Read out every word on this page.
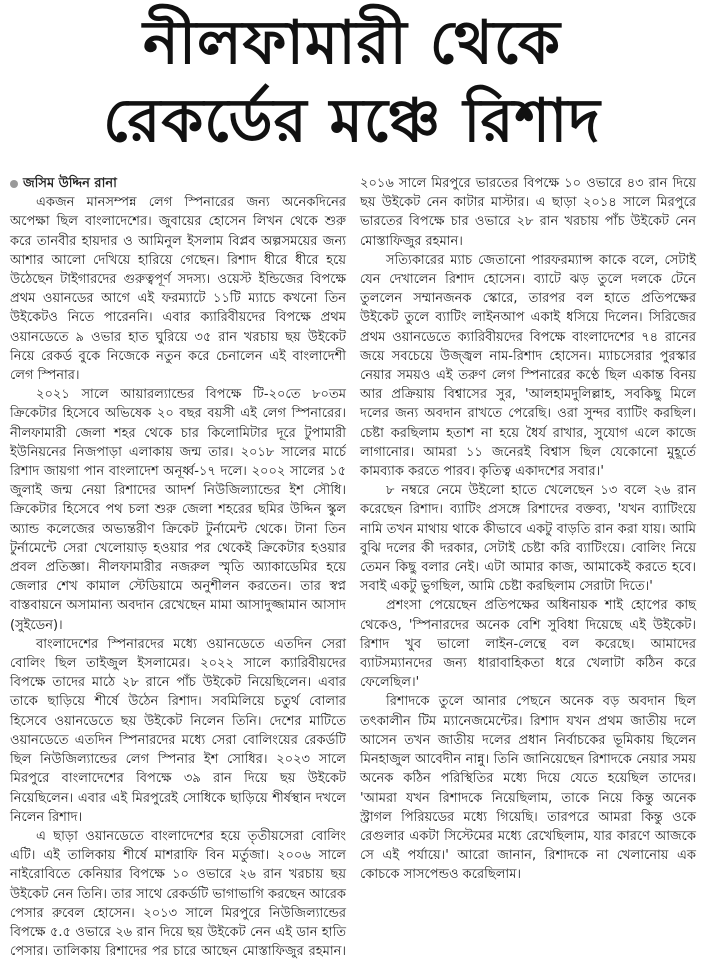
নীলফামারী থেকে
রেকর্ডের মঞ্চে রিশাদ
জসিম উদ্দিন রানা

একজন মানসম্পন্ন লেগ স্পিনারের জন্য অনেকদিনের অপেক্ষা ছিল বাংলাদেশের। জুবায়ের হোসেন লিখন থেকে শুরু করে তানবীর হায়দার ও আমিনুল ইসলাম বিপ্লব অল্পসময়ের জন্য আশার আলো দেখিয়ে হারিয়ে গেছেন। রিশাদ ধীরে ধীরে হয়ে উঠেছেন টাইগারদের গুরুত্বপূর্ণ সদস্য। ওয়েস্ট ইন্ডিজের বিপক্ষে প্রথম ওয়ানডের আগে এই ফরম্যাটে ১১টি ম্যাচে কখনো তিন উইকেটও নিতে পারেননি। এবার ক্যারিবীয়দের বিপক্ষে প্রথম ওয়ানডেতে ৯ ওভার হাত ঘুরিয়ে ৩৫ রান খরচায় ছয় উইকেট নিয়ে রেকর্ড বুকে নিজেকে নতুন করে চেনালেন এই বাংলাদেশী লেগ স্পিনার।

২০২১ সালে আয়ারল্যান্ডের বিপক্ষে টি-২০তে ৮০তম ক্রিকেটার হিসেবে অভিষেক ২০ বছর বয়সী এই লেগ স্পিনারের। নীলফামারী জেলা শহর থেকে চার কিলোমিটার দূরে টুপামারী ইউনিয়নের নিজপাড়া এলাকায় জন্ম তার। ২০১৮ সালের মার্চে রিশাদ জায়গা পান বাংলাদেশ অনূর্ধ্ব-১৭ দলে। ২০০২ সালের ১৫ জুলাই জন্ম নেয়া রিশাদের আদর্শ নিউজিল্যান্ডের ইশ সৌধি। ক্রিকেটার হিসেবে পথ চলা শুরু জেলা শহরের ছমির উদ্দিন স্কুল অ্যান্ড কলেজের অভ্যন্তরীণ ক্রিকেট টুর্নামেন্ট থেকে। টানা তিন টুর্নামেন্টে সেরা খেলোয়াড় হওয়ার পর থেকেই ক্রিকেটার হওয়ার প্রবল প্রতিজ্ঞা। নীলফামারীর নজরুল স্মৃতি অ্যাকাডেমির হয়ে জেলার শেখ কামাল স্টেডিয়ামে অনুশীলন করতেন। তার স্বপ্ন বাস্তবায়নে অসামান্য অবদান রেখেছেন মামা আসাদুজ্জামান আসাদ (সুইডেন)।

বাংলাদেশের স্পিনারদের মধ্যে ওয়ানডেতে এতদিন সেরা বোলিং ছিল তাইজুল ইসলামের। ২০২২ সালে ক্যারিবীয়দের বিপক্ষে তাদের মাঠে ২৮ রানে পাঁচ উইকেট নিয়েছিলেন। এবার তাকে ছাড়িয়ে শীর্ষে উঠেন রিশাদ। সবমিলিয়ে চতুর্থ বোলার হিসেবে ওয়ানডেতে ছয় উইকেট নিলেন তিনি। দেশের মাটিতে ওয়ানডেতে এতদিন স্পিনারদের মধ্যে সেরা বোলিংয়ের রেকর্ডটি ছিল নিউজিল্যান্ডের লেগ স্পিনার ইশ সোধির। ২০২৩ সালে মিরপুরে বাংলাদেশের বিপক্ষে ৩৯ রান দিয়ে ছয় উইকেট নিয়েছিলেন। এবার এই মিরপুরেই সোধিকে ছাড়িয়ে শীর্ষস্থান দখলে নিলেন রিশাদ।

এ ছাড়া ওয়ানডেতে বাংলাদেশের হয়ে তৃতীয়সেরা বোলিং এটি। এই তালিকায় শীর্ষে মাশরাফি বিন মর্তুজা। ২০০৬ সালে নাইরোবিতে কেনিয়ার বিপক্ষে ১০ ওভারে ২৬ রান খরচায় ছয় উইকেট নেন তিনি। তার সাথে রেকর্ডটি ভাগাভাগি করছেন আরেক পেসার রুবেল হোসেন। ২০১৩ সালে মিরপুরে নিউজিল্যান্ডের বিপক্ষে ৫.৫ ওভারে ২৬ রান দিয়ে ছয় উইকেট নেন এই ডান হাতি পেসার। তালিকায় রিশাদের পর চারে আছেন মোস্তাফিজুর রহমান। ২০১৬ সালে মিরপুরে ভারতের বিপক্ষে ১০ ওভারে ৪৩ রান দিয়ে ছয় উইকেট নেন কাটার মাস্টার। এ ছাড়া ২০১৪ সালে মিরপুরে ভারতের বিপক্ষে চার ওভারে ২৮ রান খরচায় পাঁচ উইকেট নেন মোস্তাফিজুর রহমান।

সত্যিকারের ম্যাচ জেতানো পারফরম্যান্স কাকে বলে, সেটাই যেন দেখালেন রিশাদ হোসেন। ব্যাটে ঝড় তুলে দলকে টেনে তুললেন সম্মানজনক স্কোরে, তারপর বল হাতে প্রতিপক্ষের উইকেট তুলে ব্যাটিং লাইনআপ একাই ধসিয়ে দিলেন। সিরিজের প্রথম ওয়ানডেতে ক্যারিবীয়দের বিপক্ষে বাংলাদেশের ৭৪ রানের জয়ে সবচেয়ে উজ্জ্বল নাম-রিশাদ হোসেন। ম্যাচসেরার পুরস্কার নেয়ার সময়ও এই তরুণ লেগ স্পিনারের কণ্ঠে ছিল একান্ত বিনয় আর প্রক্রিয়ায় বিশ্বাসের সুর, 'আলহামদুলিল্লাহ, সবকিছু মিলে দলের জন্য অবদান রাখতে পেরেছি। ওরা সুন্দর ব্যাটিং করছিল। চেষ্টা করছিলাম হতাশ না হয়ে ধৈর্য রাখার, সুযোগ এলে কাজে লাগানোর। আমরা ১১ জনেরই বিশ্বাস ছিল যেকোনো মুহূর্তে কামব্যাক করতে পারব। কৃতিত্ব একাদশের সবার।'

৮ নম্বরে নেমে উইলো হাতে খেলেছেন ১৩ বলে ২৬ রান করেছেন রিশাদ। ব্যাটিং প্রসঙ্গে রিশাদের বক্তব্য, 'যখন ব্যাটিংয়ে নামি তখন মাথায় থাকে কীভাবে একটু বাড়তি রান করা যায়। আমি বুঝি দলের কী দরকার, সেটাই চেষ্টা করি ব্যাটিংয়ে। বোলিং নিয়ে তেমন কিছু বলার নেই। এটা আমার কাজ, আমাকেই করতে হবে। সবাই একটু ভুগছিল, আমি চেষ্টা করছিলাম সেরাটা দিতে।'

প্রশংসা পেয়েছেন প্রতিপক্ষের অধিনায়ক শাই হোপের কাছ থেকেও, 'স্পিনারদের অনেক বেশি সুবিধা দিয়েছে এই উইকেট। রিশাদ খুব ভালো লাইন-লেন্থে বল করেছে। আমাদের ব্যাটসম্যানদের জন্য ধারাবাহিকতা ধরে খেলাটা কঠিন করে ফেলেছিল।'

রিশাদকে তুলে আনার পেছনে অনেক বড় অবদান ছিল তৎকালীন টিম ম্যানেজমেন্টের। রিশাদ যখন প্রথম জাতীয় দলে আসেন তখন জাতীয় দলের প্রধান নির্বাচকের ভূমিকায় ছিলেন মিনহাজুল আবেদীন নান্নু। তিনি জানিয়েছেন রিশাদকে নেয়ার সময় অনেক কঠিন পরিস্থিতির মধ্যে দিয়ে যেতে হয়েছিল তাদের। 'আমরা যখন রিশাদকে নিয়েছিলাম, তাকে নিয়ে কিন্তু অনেক স্ট্রাগল পিরিয়ডের মধ্যে গিয়েছি। তারপরে আমরা কিন্তু ওকে রেগুলার একটা সিস্টেমের মধ্যে রেখেছিলাম, যার কারণে আজকে সে এই পর্যায়ে।' আরো জানান, রিশাদকে না খেলানোয় এক কোচকে সাসপেন্ডও করেছিলাম।
